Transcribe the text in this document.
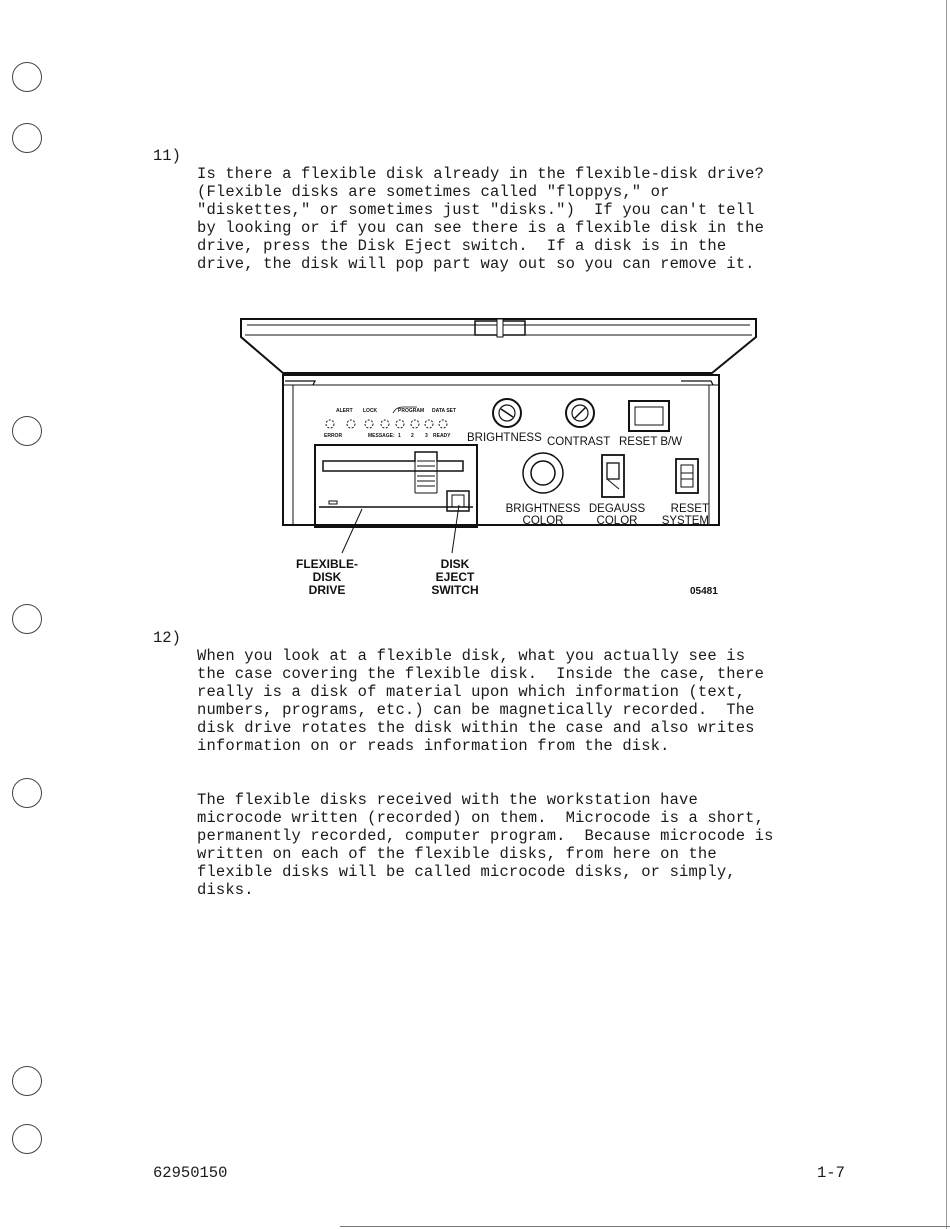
11)

Is there a flexible disk already in the flexible-disk drive?
(Flexible disks are sometimes called "floppys," or
"diskettes," or sometimes just "disks.")  If you can't tell
by looking or if you can see there is a flexible disk in the
drive, press the Disk Eject switch.  If a disk is in the
drive, the disk will pop part way out so you can remove it.

ALERT LOCK	PROGRAM DATA SET
ERROR	MESSAGE: 1 2 3 READY BRIGHTNESS CONTRAST RESET B/W
BRIGHTNESS
COLOR
DEGAUSS
COLOR
RESET
SYSTEM
FLEXIBLE-
DISK
DRIVE
DISK
EJECT
SWITCH	05481
12)

When you look at a flexible disk, what you actually see is
the case covering the flexible disk.  Inside the case, there
really is a disk of material upon which information (text,
numbers, programs, etc.) can be magnetically recorded.  The
disk drive rotates the disk within the case and also writes
information on or reads information from the disk.

The flexible disks received with the workstation have
microcode written (recorded) on them.  Microcode is a short,
permanently recorded, computer program.  Because microcode is
written on each of the flexible disks, from here on the
flexible disks will be called microcode disks, or simply,
disks.

62950150	1-7
